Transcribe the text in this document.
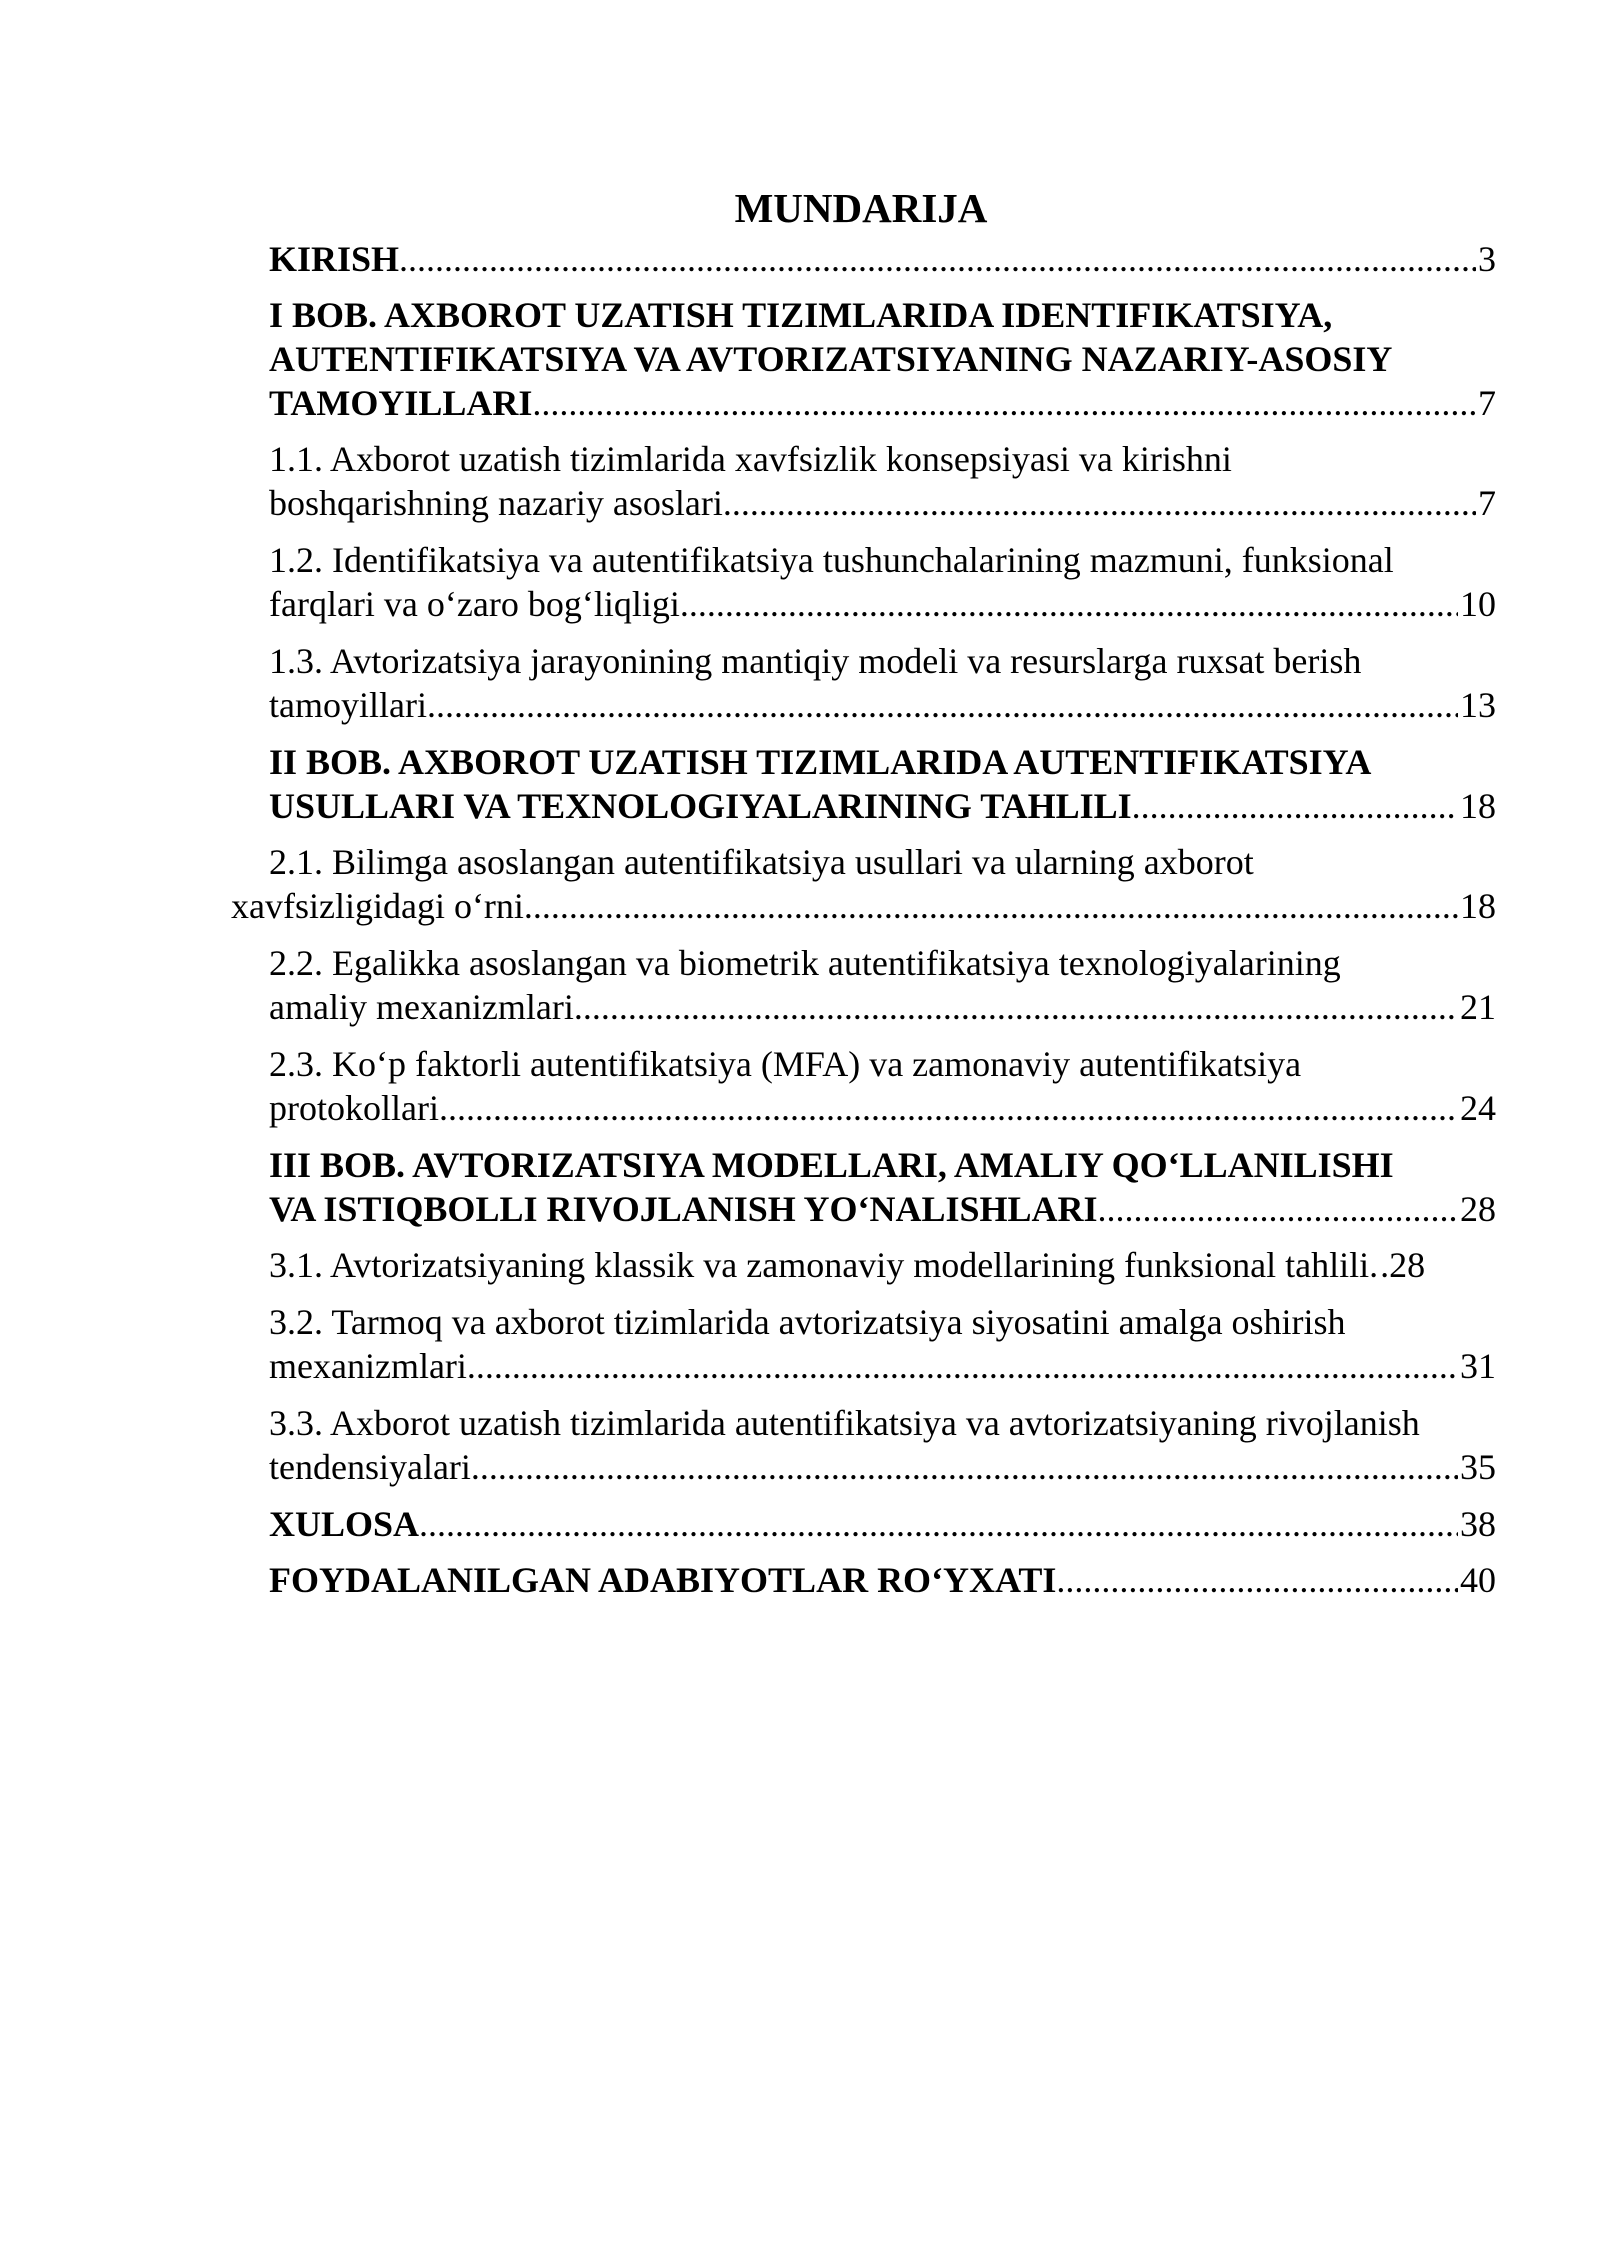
MUNDARIJA
KIRISH .....	3
I BOB. AXBOROT UZATISH TIZIMLARIDA IDENTIFIKATSIYA,
AUTENTIFIKATSIYA VA AVTORIZATSIYANING NAZARIY-ASOSIY
TAMOYILLARI .....	7
1.1. Axborot uzatish tizimlarida xavfsizlik konsepsiyasi va kirishni
boshqarishning nazariy asoslari .....	7
1.2. Identifikatsiya va autentifikatsiya tushunchalarining mazmuni, funksional
farqlari va o‘zaro bog‘liqligi .....	10
1.3. Avtorizatsiya jarayonining mantiqiy modeli va resurslarga ruxsat berish
tamoyillari .....	13
II BOB. AXBOROT UZATISH TIZIMLARIDA AUTENTIFIKATSIYA
USULLARI VA TEXNOLOGIYALARINING TAHLILI .....	18
2.1. Bilimga asoslangan autentifikatsiya usullari va ularning axborot
xavfsizligidagi o‘rni .....	18
2.2. Egalikka asoslangan va biometrik autentifikatsiya texnologiyalarining
amaliy mexanizmlari .....	21
2.3. Ko‘p faktorli autentifikatsiya (MFA) va zamonaviy autentifikatsiya
protokollari .....	24
III BOB. AVTORIZATSIYA MODELLARI, AMALIY QO‘LLANILISHI
VA ISTIQBOLLI RIVOJLANISH YO‘NALISHLARI .....	28
3.1. Avtorizatsiyaning klassik va zamonaviy modellarining funksional tahlili. .28
3.2. Tarmoq va axborot tizimlarida avtorizatsiya siyosatini amalga oshirish
mexanizmlari .....	31
3.3. Axborot uzatish tizimlarida autentifikatsiya va avtorizatsiyaning rivojlanish
tendensiyalari .....	35
XULOSA .....	38
FOYDALANILGAN ADABIYOTLAR RO‘YXATI .....	40
